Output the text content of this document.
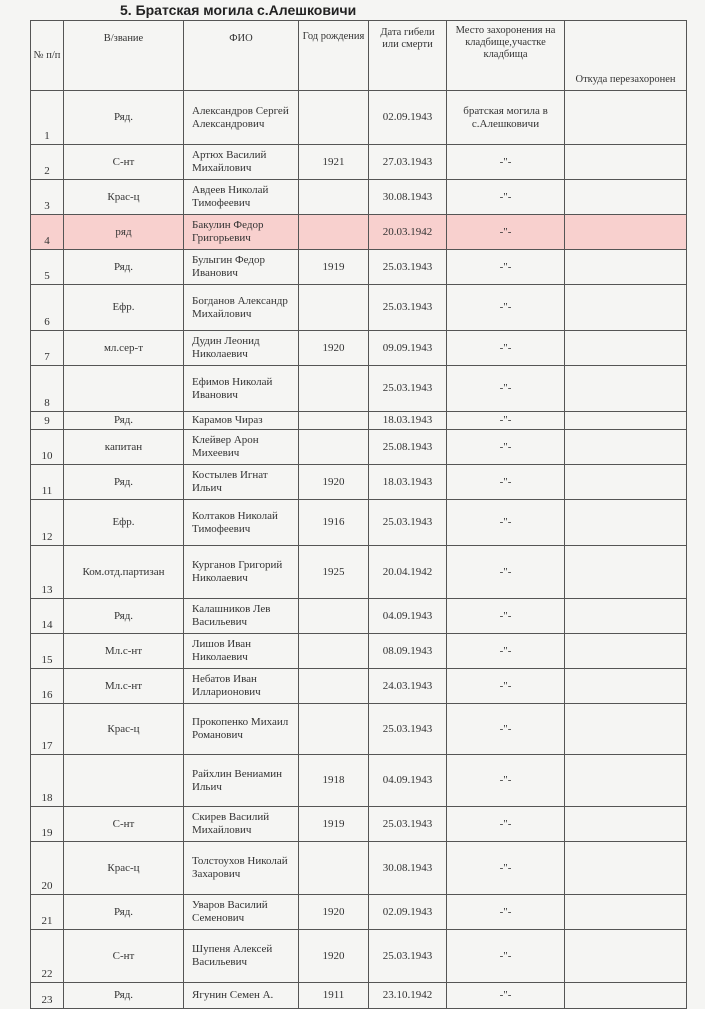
5. Братская могила с.Алешковичи
№ п/п	В/звание	ФИО	Год рождения	Дата гибели или смерти	Место захоронения на кладбище,участке кладбища	Откуда перезахоронен
1	Ряд.	Александров Сергей Александрович		02.09.1943	братская могила в с.Алешковичи	
2	С-нт	Артюх Василий Михайлович	1921	27.03.1943	-"-	
3	Крас-ц	Авдеев Николай Тимофеевич		30.08.1943	-"-	
4	ряд	Бакулин Федор Григорьевич		20.03.1942	-"-	
5	Ряд.	Булыгин Федор Иванович	1919	25.03.1943	-"-	
6	Ефр.	Богданов Александр Михайлович		25.03.1943	-"-	
7	мл.сер-т	Дудин Леонид Николаевич	1920	09.09.1943	-"-	
8		Ефимов Николай Иванович		25.03.1943	-"-	
9	Ряд.	Карамов Чираз		18.03.1943	-"-	
10	капитан	Клейвер Арон Михеевич		25.08.1943	-"-	
11	Ряд.	Костылев Игнат Ильич	1920	18.03.1943	-"-	
12	Ефр.	Колтаков Николай Тимофеевич	1916	25.03.1943	-"-	
13	Ком.отд.партизан	Курганов Григорий Николаевич	1925	20.04.1942	-"-	
14	Ряд.	Калашников Лев Васильевич		04.09.1943	-"-	
15	Мл.с-нт	Лишов Иван Николаевич		08.09.1943	-"-	
16	Мл.с-нт	Небатов Иван Илларионович		24.03.1943	-"-	
17	Крас-ц	Прокопенко Михаил Романович		25.03.1943	-"-	
18		Райхлин Вениамин Ильич	1918	04.09.1943	-"-	
19	С-нт	Скирев Василий Михайлович	1919	25.03.1943	-"-	
20	Крас-ц	Толстоухов Николай Захарович		30.08.1943	-"-	
21	Ряд.	Уваров Василий Семенович	1920	02.09.1943	-"-	
22	С-нт	Шупеня Алексей Васильевич	1920	25.03.1943	-"-	
23	Ряд.	Ягунин Семен А.	1911	23.10.1942	-"-	
